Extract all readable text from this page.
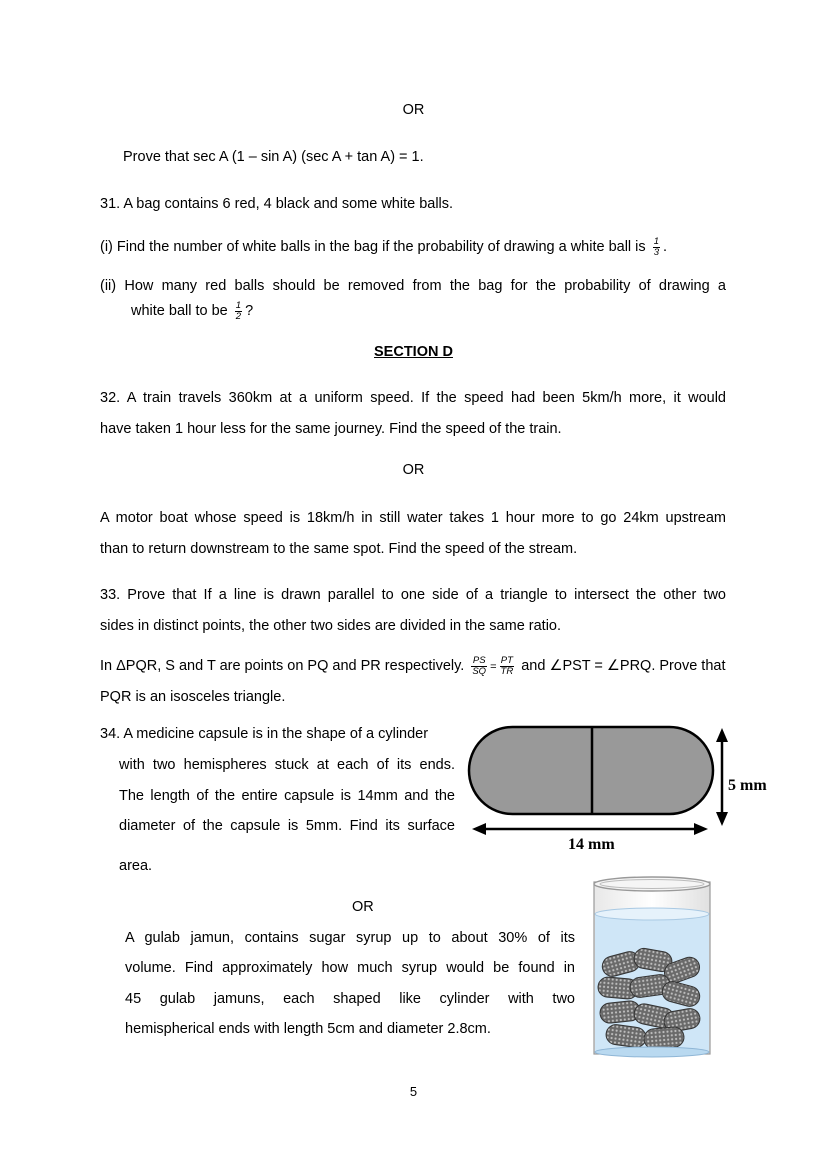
OR
Prove that sec A (1 – sin A) (sec A + tan A) = 1.
31. A bag contains 6 red, 4 black and some white balls.
(i) Find the number of white balls in the bag if the probability of drawing a white ball is $\frac{1}{3}$ .
(ii) How many red balls should be removed from the bag for the probability of drawing a
white ball to be $\frac{1}{2}$ ?
SECTION D
32. A train travels 360km at a uniform speed. If the speed had been 5km/h more, it would
have taken 1 hour less for the same journey. Find the speed of the train.
OR
A motor boat whose speed is 18km/h in still water takes 1 hour more to go 24km upstream
than to return downstream to the same spot. Find the speed of the stream.
33. Prove that If a line is drawn parallel to one side of a triangle to intersect the other two
sides in distinct points, the other two sides are divided in the same ratio.
In ΔPQR, S and T are points on PQ and PR respectively. $\frac{PS}{SQ} = \frac{PT}{TR}$ and ∠PST = ∠PRQ. Prove that
PQR is an isosceles triangle.
34. A medicine capsule is in the shape of a cylinder
with two hemispheres stuck at each of its ends.
The length of the entire capsule is 14mm and the
diameter of the capsule is 5mm. Find its surface
area.
5 mm
14 mm
OR
A gulab jamun, contains sugar syrup up to about 30% of its
volume. Find approximately how much syrup would be found in
45 gulab jamuns, each shaped like cylinder with two
hemispherical ends with length 5cm and diameter 2.8cm.
5
